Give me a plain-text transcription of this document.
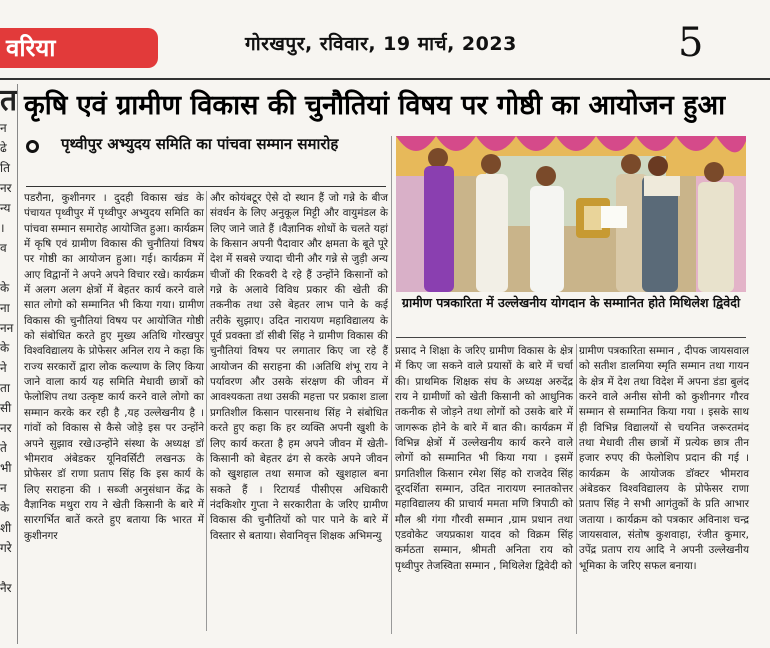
वरिया	गोरखपुर, रविवार, 19 मार्च, 2023	5
त
न
ढे
ति
नर
न्य
।
व

के
ना
नन
के
ने
ता
सी
नर
ते
भी
न
के
शी
गरे

नैर
कृषि एवं ग्रामीण विकास की चुनौतियां विषय पर गोष्ठी का आयोजन हुआ
पृथ्वीपुर अभ्युदय समिति का पांचवा सम्मान समारोह

पडरौना, कुशीनगर । दुदही विकास खंड के पंचायत पृथ्वीपुर में पृथ्वीपुर अभ्युदय समिति का पांचवा सम्मान समारोह आयोजित हुआ। कार्यक्रम में कृषि एवं ग्रामीण विकास की चुनौतियां विषय पर गोष्ठी का आयोजन हुआ। गई। कार्यक्रम में आए विद्वानों ने अपने अपने विचार रखे। कार्यक्रम में अलग अलग क्षेत्रों में बेहतर कार्य करने वाले सात लोगो को सम्मानित भी किया गया। ग्रामीण विकास की चुनौतियां विषय पर आयोजित गोष्ठी को संबोधित करते हुए मुख्य अतिथि गोरखपुर विश्वविद्यालय के प्रोफेसर अनिल राय ने कहा कि राज्य सरकारों द्वारा लोक कल्याण के लिए किया जाने वाला कार्य यह समिति मेधावी छात्रों को फेलोशिप तथा उत्कृष्ट कार्य करने वाले लोगो का सम्मान करके कर रही है ,यह उल्लेखनीय है । गांवों को विकास से कैसे जोड़े इस पर उन्होंने अपने सुझाव रखे।उन्होंने संस्था के अध्यक्ष डॉ भीमराव अंबेडकर यूनिवर्सिटी लखनऊ के प्रोफेसर डॉ राणा प्रताप सिंह कि इस कार्य के लिए सराहना की । सब्जी अनुसंधान केंद्र के वैज्ञानिक मथुरा राय ने खेती किसानी के बारे में सारगर्भित बातें करते हुए बताया कि भारत में कुशीनगर

और कोयंबटूर ऐसे दो स्थान हैं जो गन्ने के बीज संवर्धन के लिए अनुकूल मिट्टी और वायुमंडल के लिए जाने जाते हैं ।वैज्ञानिक शोधों के चलते यहां के किसान अपनी पैदावार और क्षमता के बूते पूरे देश में सबसे ज्यादा चीनी और गन्ने से जुड़ी अन्य चीजों की रिकवरी दे रहे हैं उन्होंने किसानों को गन्ने के अलावे विविध प्रकार की खेती की तकनीक तथा उसे बेहतर लाभ पाने के कई तरीके सुझाए। उदित नारायण महाविद्यालय के पूर्व प्रवक्ता डॉ सीबी सिंह ने ग्रामीण विकास की चुनौतियां विषय पर लगातार किए जा रहे हैं आयोजन की सराहना की ।अतिथि शंभू राय ने पर्यावरण और उसके संरक्षण की जीवन में आवश्यकता तथा उसकी महत्ता पर प्रकाश डाला प्रगतिशील किसान पारसनाथ सिंह ने संबोधित करते हुए कहा कि हर व्यक्ति अपनी खुशी के लिए कार्य करता है हम अपने जीवन में खेती-किसानी को बेहतर ढंग से करके अपने जीवन को खुशहाल तथा समाज को खुशहाल बना सकते हैं । रिटायर्ड पीसीएस अधिकारी नंदकिशोर गुप्ता ने सरकारीता के जरिए ग्रामीण विकास की चुनौतियों को पार पाने के बारे में विस्तार से बताया। सेवानिवृत्त शिक्षक अभिमन्यु

ग्रामीण पत्रकारिता में उल्लेखनीय योगदान के सम्मानित होते मिथिलेश द्विवेदी

प्रसाद ने शिक्षा के जरिए ग्रामीण विकास के क्षेत्र में किए जा सकने वाले प्रयासों के बारे में चर्चा की। प्राथमिक शिक्षक संघ के अध्यक्ष अरुदेंद्र राय ने ग्रामीणों को खेती किसानी को आधुनिक तकनीक से जोड़ने तथा लोगों को उसके बारे में जागरूक होने के बारे में बात की। कार्यक्रम में विभिन्न क्षेत्रों में उल्लेखनीय कार्य करने वाले लोगों को सम्मानित भी किया गया । इसमें प्रगतिशील किसान रमेश सिंह को राजदेव सिंह दूरदर्शिता सम्मान, उदित नारायण स्नातकोत्तर महाविद्यालय की प्राचार्य ममता मणि त्रिपाठी को मौल श्री गंगा गौरवी सम्मान ,ग्राम प्रधान तथा एडवोकेट जयप्रकाश यादव को विक्रम सिंह कर्मठता सम्मान, श्रीमती अनिता राय को पृथ्वीपुर तेजस्विता सम्मान , मिथिलेश द्विवेदी को

ग्रामीण पत्रकारिता सम्मान , दीपक जायसवाल को सतीश डालमिया स्मृति सम्मान तथा गायन के क्षेत्र में देश तथा विदेश में अपना डंडा बुलंद करने वाले अनीस सोनी को कुशीनगर गौरव सम्मान से सम्मानित किया गया । इसके साथ ही विभिन्न विद्यालयों से चयनित जरूरतमंद तथा मेधावी तीस छात्रों में प्रत्येक छात्र तीन हजार रुपए की फेलोशिप प्रदान की गई ।कार्यक्रम के आयोजक डॉक्टर भीमराव अंबेडकर विश्वविद्यालय के प्रोफेसर राणा प्रताप सिंह ने सभी आगंतुकों के प्रति आभार जताया । कार्यक्रम को पत्रकार अविनाश चन्द्र जायसवाल, संतोष कुशवाहा, रंजीत कुमार, उपेंद्र प्रताप राय आदि ने अपनी उल्लेखनीय भूमिका के जरिए सफल बनाया।
